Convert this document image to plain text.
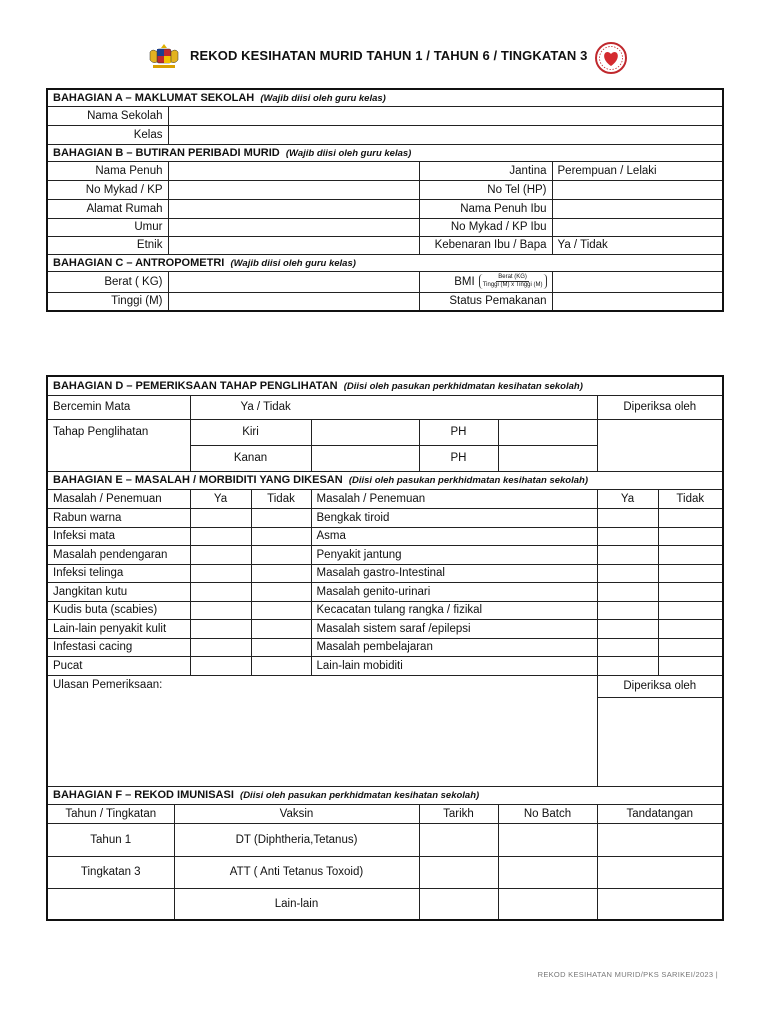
REKOD KESIHATAN MURID TAHUN 1 / TAHUN 6 / TINGKATAN 3
BAHAGIAN A – MAKLUMAT SEKOLAH (Wajib diisi oleh guru kelas)			
Nama Sekolah			
Kelas			
BAHAGIAN B – BUTIRAN PERIBADI MURID (Wajib diisi oleh guru kelas)			
Nama Penuh		Jantina	Perempuan / Lelaki
No Mykad / KP		No Tel (HP)	
Alamat Rumah		Nama Penuh Ibu	
Umur		No Mykad / KP Ibu	
Etnik		Kebenaran Ibu / Bapa	Ya / Tidak
BAHAGIAN C – ANTROPOMETRI (Wajib diisi oleh guru kelas)			
Berat ( KG)		BMI $\frac{\text{Berat (KG)}}{\text{Tinggi (M) x Tinggi (M)}}$

Tinggi (M)		Status Pemakanan	
BAHAGIAN D – PEMERIKSAAN TAHAP PENGLIHATAN (Diisi oleh pasukan perkhidmatan kesihatan sekolah)								
Bercemin Mata		Ya / Tidak					Diperiksa oleh	

Tahap Penglihatan		Kiri			PH			
		Kanan			PH			
BAHAGIAN E – MASALAH / MORBIDITI YANG DIKESAN (Diisi oleh pasukan perkhidmatan kesihatan sekolah)								
Masalah / Penemuan		Ya	Tidak	Masalah / Penemuan			Ya	Tidak
Rabun warna				Bengkak tiroid				
Infeksi mata				Asma				
Masalah pendengaran				Penyakit jantung				
Infeksi telinga				Masalah gastro-Intestinal				
Jangkitan kutu				Masalah genito-urinari				
Kudis buta (scabies)				Kecacatan tulang rangka / fizikal				
Lain-lain penyakit kulit				Masalah sistem saraf /epilepsi				
Infestasi cacing				Masalah pembelajaran				
Pucat				Lain-lain mobiditi				
Ulasan Pemeriksaan:							Diperiksa oleh	

BAHAGIAN F – REKOD IMUNISASI (Diisi oleh pasukan perkhidmatan kesihatan sekolah)								
Tahun / Tingkatan	Vaksin				Tarikh	No Batch	Tandatangan	
Tahun 1	DT (Diphtheria,Tetanus)							
Tingkatan 3	ATT ( Anti Tetanus Toxoid)							
	Lain-lain							
REKOD KESIHATAN MURID/PKS SARIKEI/2023 |
